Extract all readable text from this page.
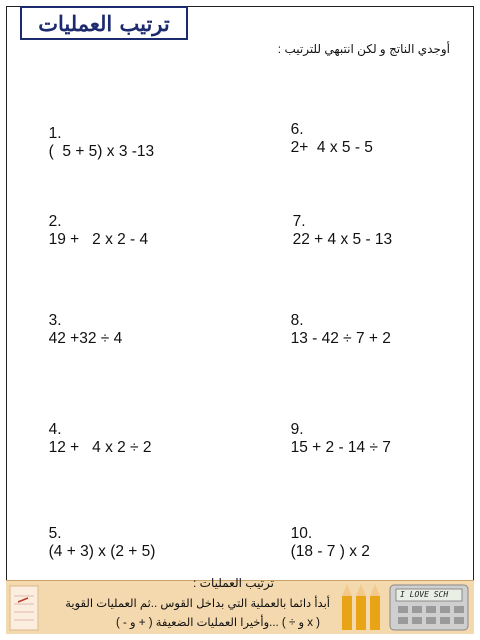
ترتيب العمليات
أوجدي الناتج و لكن انتبهي للترتيب :

1.
(  5 + 5) x 3 -13

2.
19 +   2 x 2 - 4

3.
42 +32 ÷ 4

4.
12 +   4 x 2 ÷ 2

5.
(4 + 3) x (2 + 5)

6.
2+  4 x 5 - 5

7.
22 + 4 x 5 - 13

8.
13 - 42 ÷ 7 + 2

9.
15 + 2 - 14 ÷ 7

10.
(18 - 7 ) x 2

I LOVE SCH
ترتيب العمليات :
أبدأ دائما بالعملية التي بداخل القوس ..ثم العمليات القوية
( x و ÷ ) ...وأخيرا العمليات الضعيفة ( + و - )
